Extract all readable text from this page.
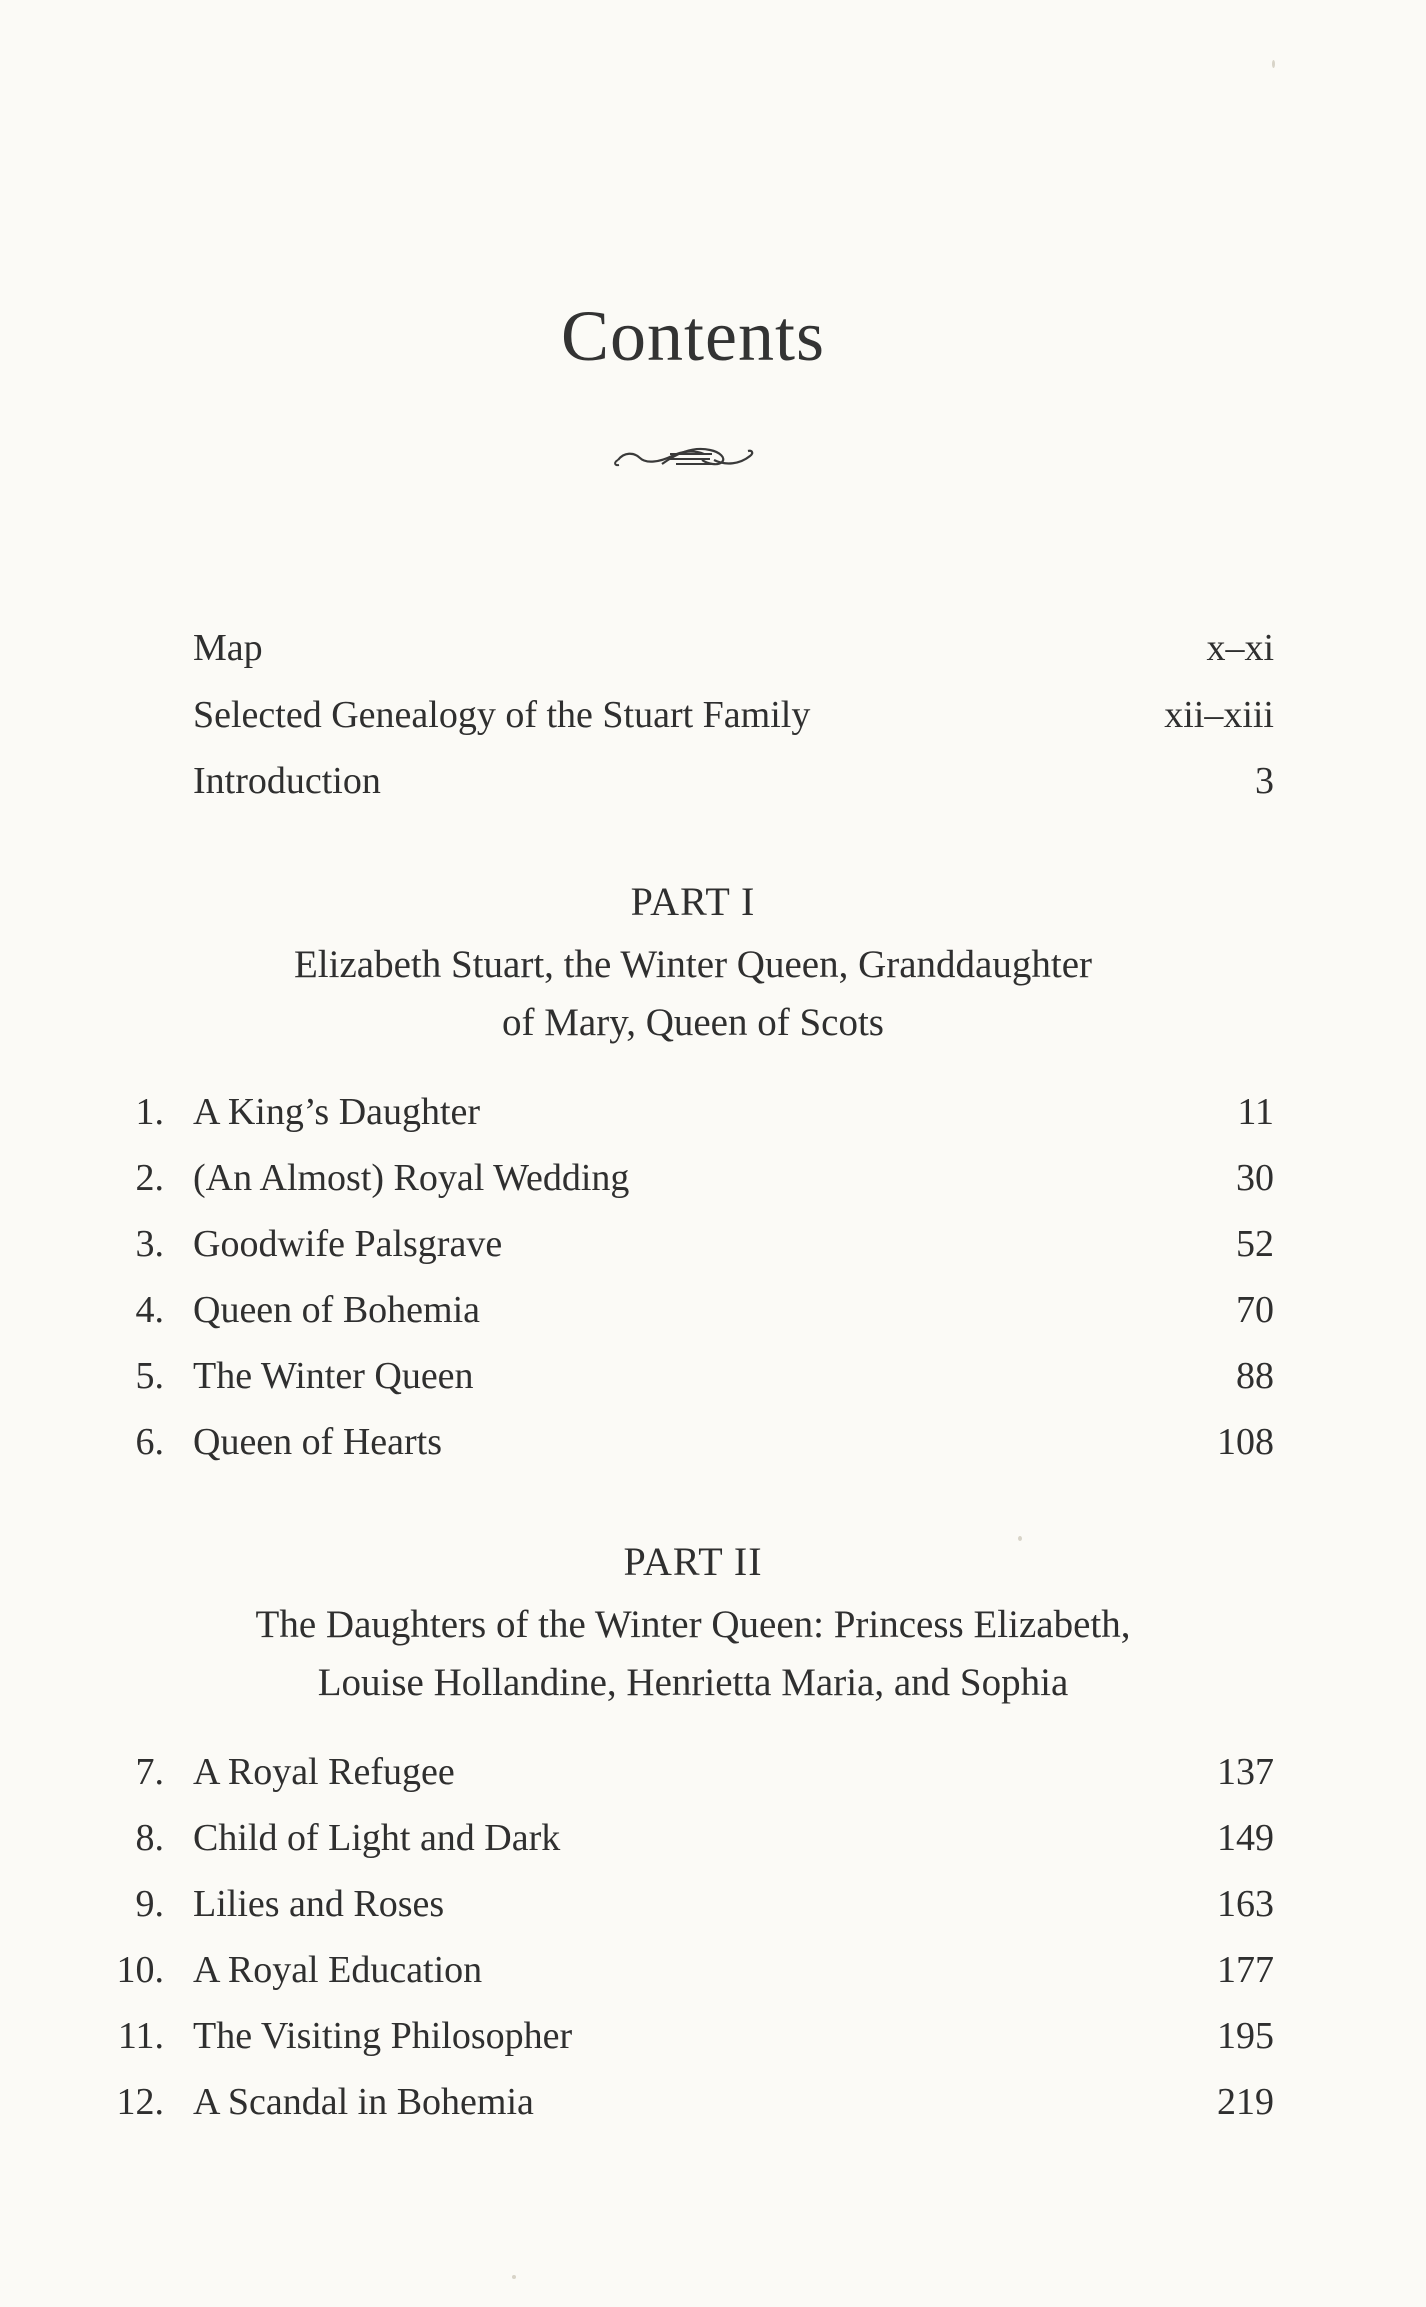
Contents
Map	x–xi
Selected Genealogy of the Stuart Family	xii–xiii
Introduction	3
PART I

Elizabeth Stuart, the Winter Queen, Granddaughter

of Mary, Queen of Scots

1. A King’s Daughter	11
2. (An Almost) Royal Wedding	30
3. Goodwife Palsgrave	52
4. Queen of Bohemia	70
5. The Winter Queen	88
6. Queen of Hearts	108
PART II

The Daughters of the Winter Queen: Princess Elizabeth,

Louise Hollandine, Henrietta Maria, and Sophia

7. A Royal Refugee	137
8. Child of Light and Dark	149
9. Lilies and Roses	163
10. A Royal Education	177
11. The Visiting Philosopher	195
12. A Scandal in Bohemia	219
